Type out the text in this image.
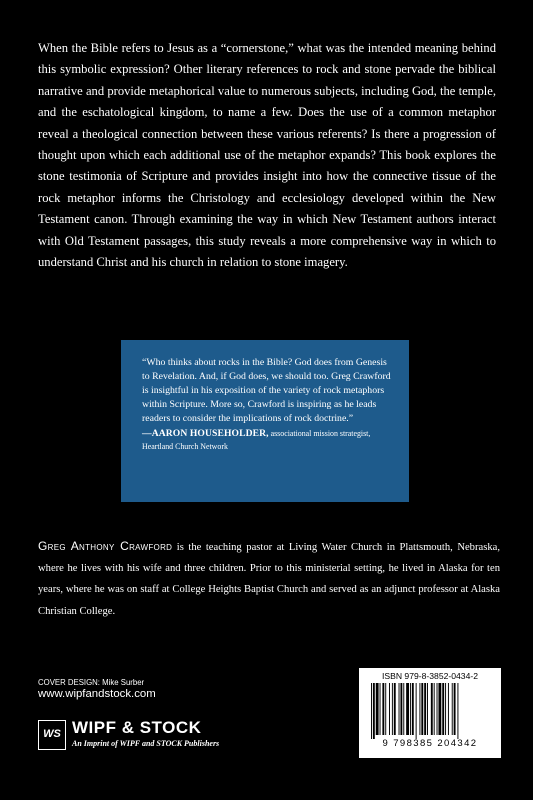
When the Bible refers to Jesus as a “cornerstone,” what was the intended meaning behind this symbolic expression? Other literary references to rock and stone pervade the biblical narrative and provide metaphorical value to numerous subjects, including God, the temple, and the eschatological kingdom, to name a few. Does the use of a common metaphor reveal a theological connection between these various referents? Is there a progression of thought upon which each additional use of the metaphor expands? This book explores the stone testimonia of Scripture and provides insight into how the connective tissue of the rock metaphor informs the Christology and ecclesiology developed within the New Testament canon. Through examining the way in which New Testament authors interact with Old Testament passages, this study reveals a more comprehensive way in which to understand Christ and his church in relation to stone imagery.

“Who thinks about rocks in the Bible? God does from Genesis to Revelation. And, if God does, we should too. Greg Crawford is insightful in his exposition of the variety of rock metaphors within Scripture. More so, Crawford is inspiring as he leads readers to consider the implications of rock doctrine.”

—AARON HOUSEHOLDER, associational mission strategist, Heartland Church Network

Greg Anthony Crawford is the teaching pastor at Living Water Church in Plattsmouth, Nebraska, where he lives with his wife and three children. Prior to this ministerial setting, he lived in Alaska for ten years, where he was on staff at College Heights Baptist Church and served as an adjunct professor at Alaska Christian College.

COVER DESIGN: Mike Surber
www.wipfandstock.com
WS WIPF & STOCK
An Imprint of WIPF and STOCK Publishers
ISBN 979-8-3852-0434-2
9 798385 204342
